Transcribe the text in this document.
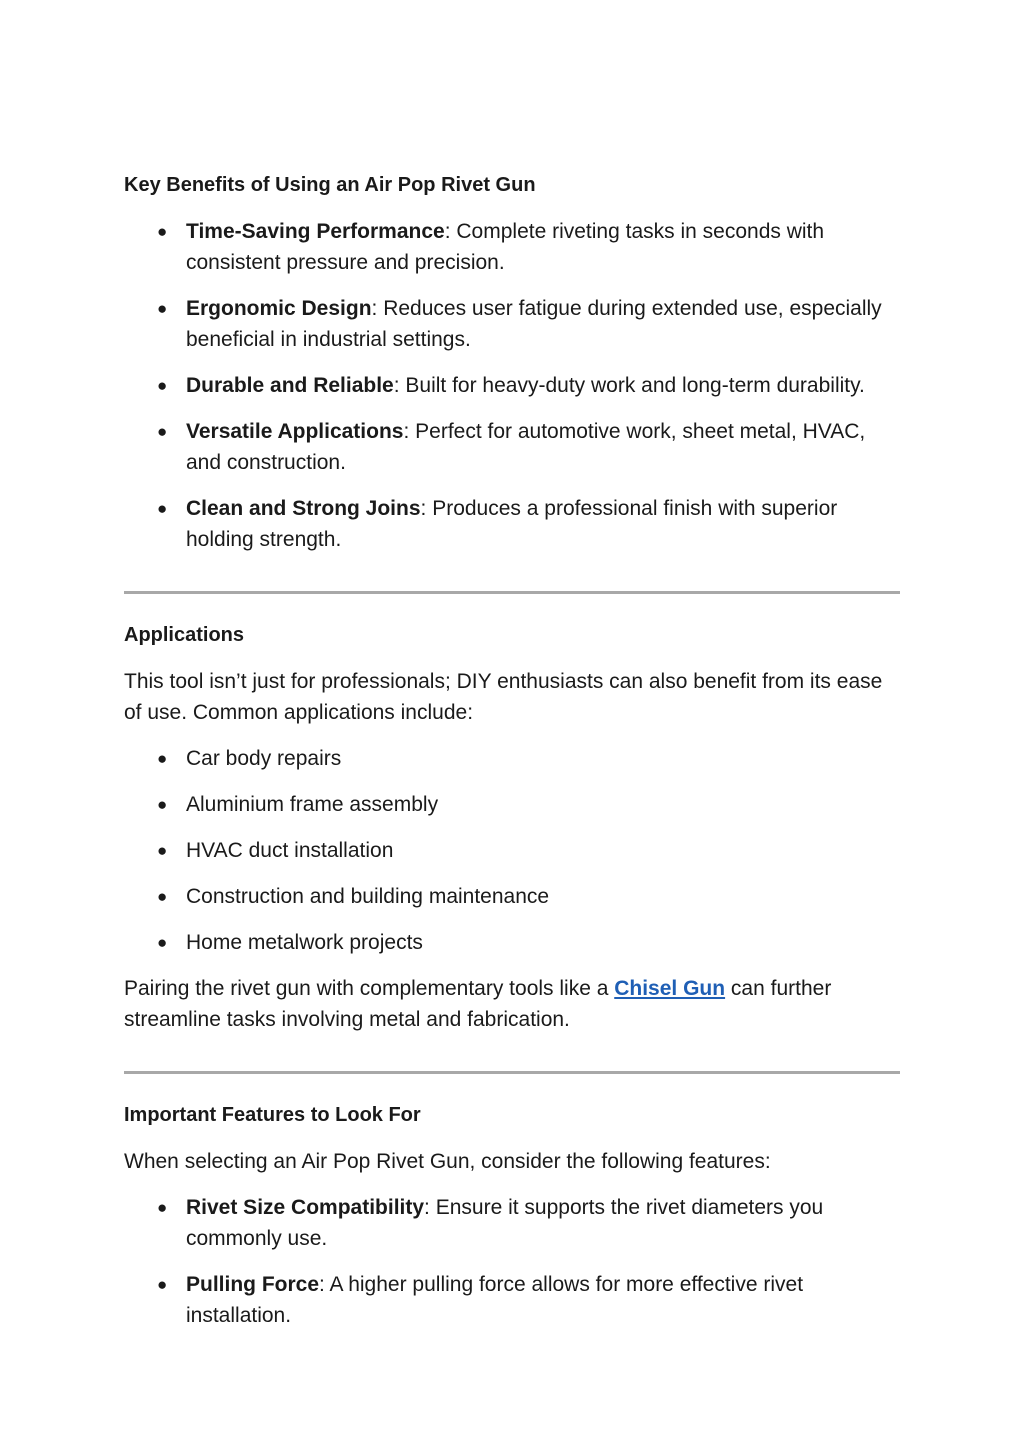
Key Benefits of Using an Air Pop Rivet Gun
● Time-Saving Performance: Complete riveting tasks in seconds with consistent pressure and precision.
● Ergonomic Design: Reduces user fatigue during extended use, especially beneficial in industrial settings.
● Durable and Reliable: Built for heavy-duty work and long-term durability.
● Versatile Applications: Perfect for automotive work, sheet metal, HVAC, and construction.
● Clean and Strong Joins: Produces a professional finish with superior holding strength.
Applications

This tool isn’t just for professionals; DIY enthusiasts can also benefit from its ease of use. Common applications include:

● Car body repairs
● Aluminium frame assembly
● HVAC duct installation
● Construction and building maintenance
● Home metalwork projects

Pairing the rivet gun with complementary tools like a Chisel Gun can further streamline tasks involving metal and fabrication.

Important Features to Look For

When selecting an Air Pop Rivet Gun, consider the following features:

● Rivet Size Compatibility: Ensure it supports the rivet diameters you commonly use.
● Pulling Force: A higher pulling force allows for more effective rivet installation.
